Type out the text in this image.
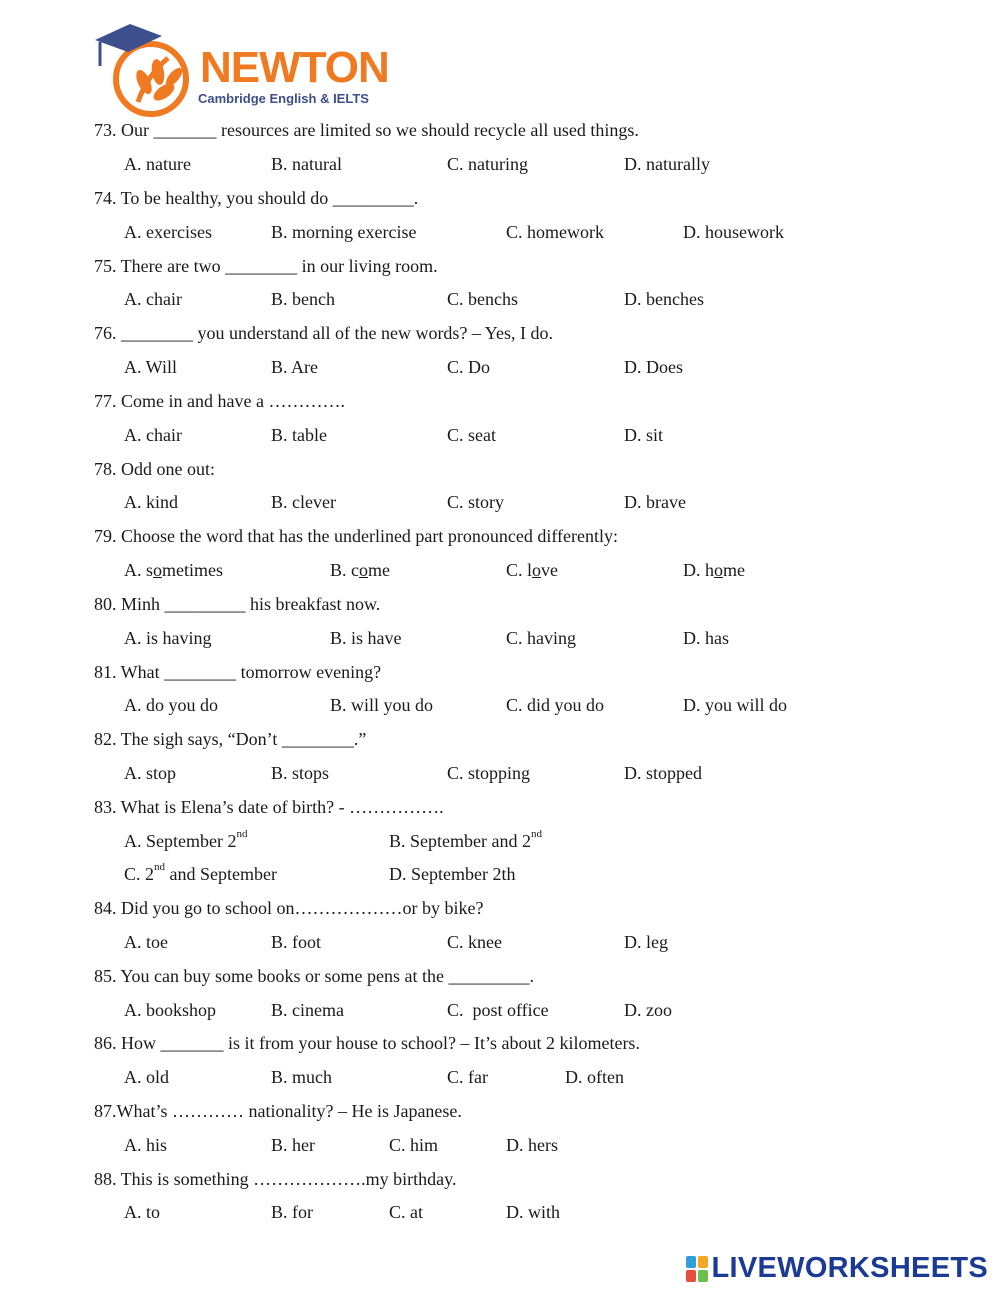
NEWTON
Cambridge English & IELTS
73. Our _______ resources are limited so we should recycle all used things.
A. nature	B. natural	C. naturing	D. naturally
74. To be healthy, you should do _________.
A. exercises	B. morning exercise	C. homework	D. housework
75. There are two ________ in our living room.
A. chair	B. bench	C. benchs	D. benches
76. ________ you understand all of the new words? – Yes, I do.
A. Will	B. Are	C. Do	D. Does
77. Come in and have a ………….
A. chair	B. table	C. seat	D. sit
78. Odd one out:
A. kind	B. clever	C. story	D. brave
79. Choose the word that has the underlined part pronounced differently:
A. sometimes	B. come	C. love	D. home
80. Minh _________ his breakfast now.
A. is having	B. is have	C. having	D. has
81. What ________ tomorrow evening?
A. do you do	B. will you do	C. did you do	D. you will do
82. The sigh says, “Don’t ________.”
A. stop	B. stops	C. stopping	D. stopped
83. What is Elena’s date of birth? - …………….
A. September 2nd	B. September and 2nd
C. 2nd and September	D. September 2th
84. Did you go to school on………………or by bike?
A. toe	B. foot	C. knee	D. leg
85. You can buy some books or some pens at the _________.
A. bookshop	B. cinema	C.  post office	D. zoo
86. How _______ is it from your house to school? – It’s about 2 kilometers.
A. old	B. much	C. far	D. often
87.What’s ………… nationality? – He is Japanese.
A. his	B. her	C. him	D. hers
88. This is something ……………….my birthday.
A. to	B. for	C. at	D. with
LIVEWORKSHEETS
